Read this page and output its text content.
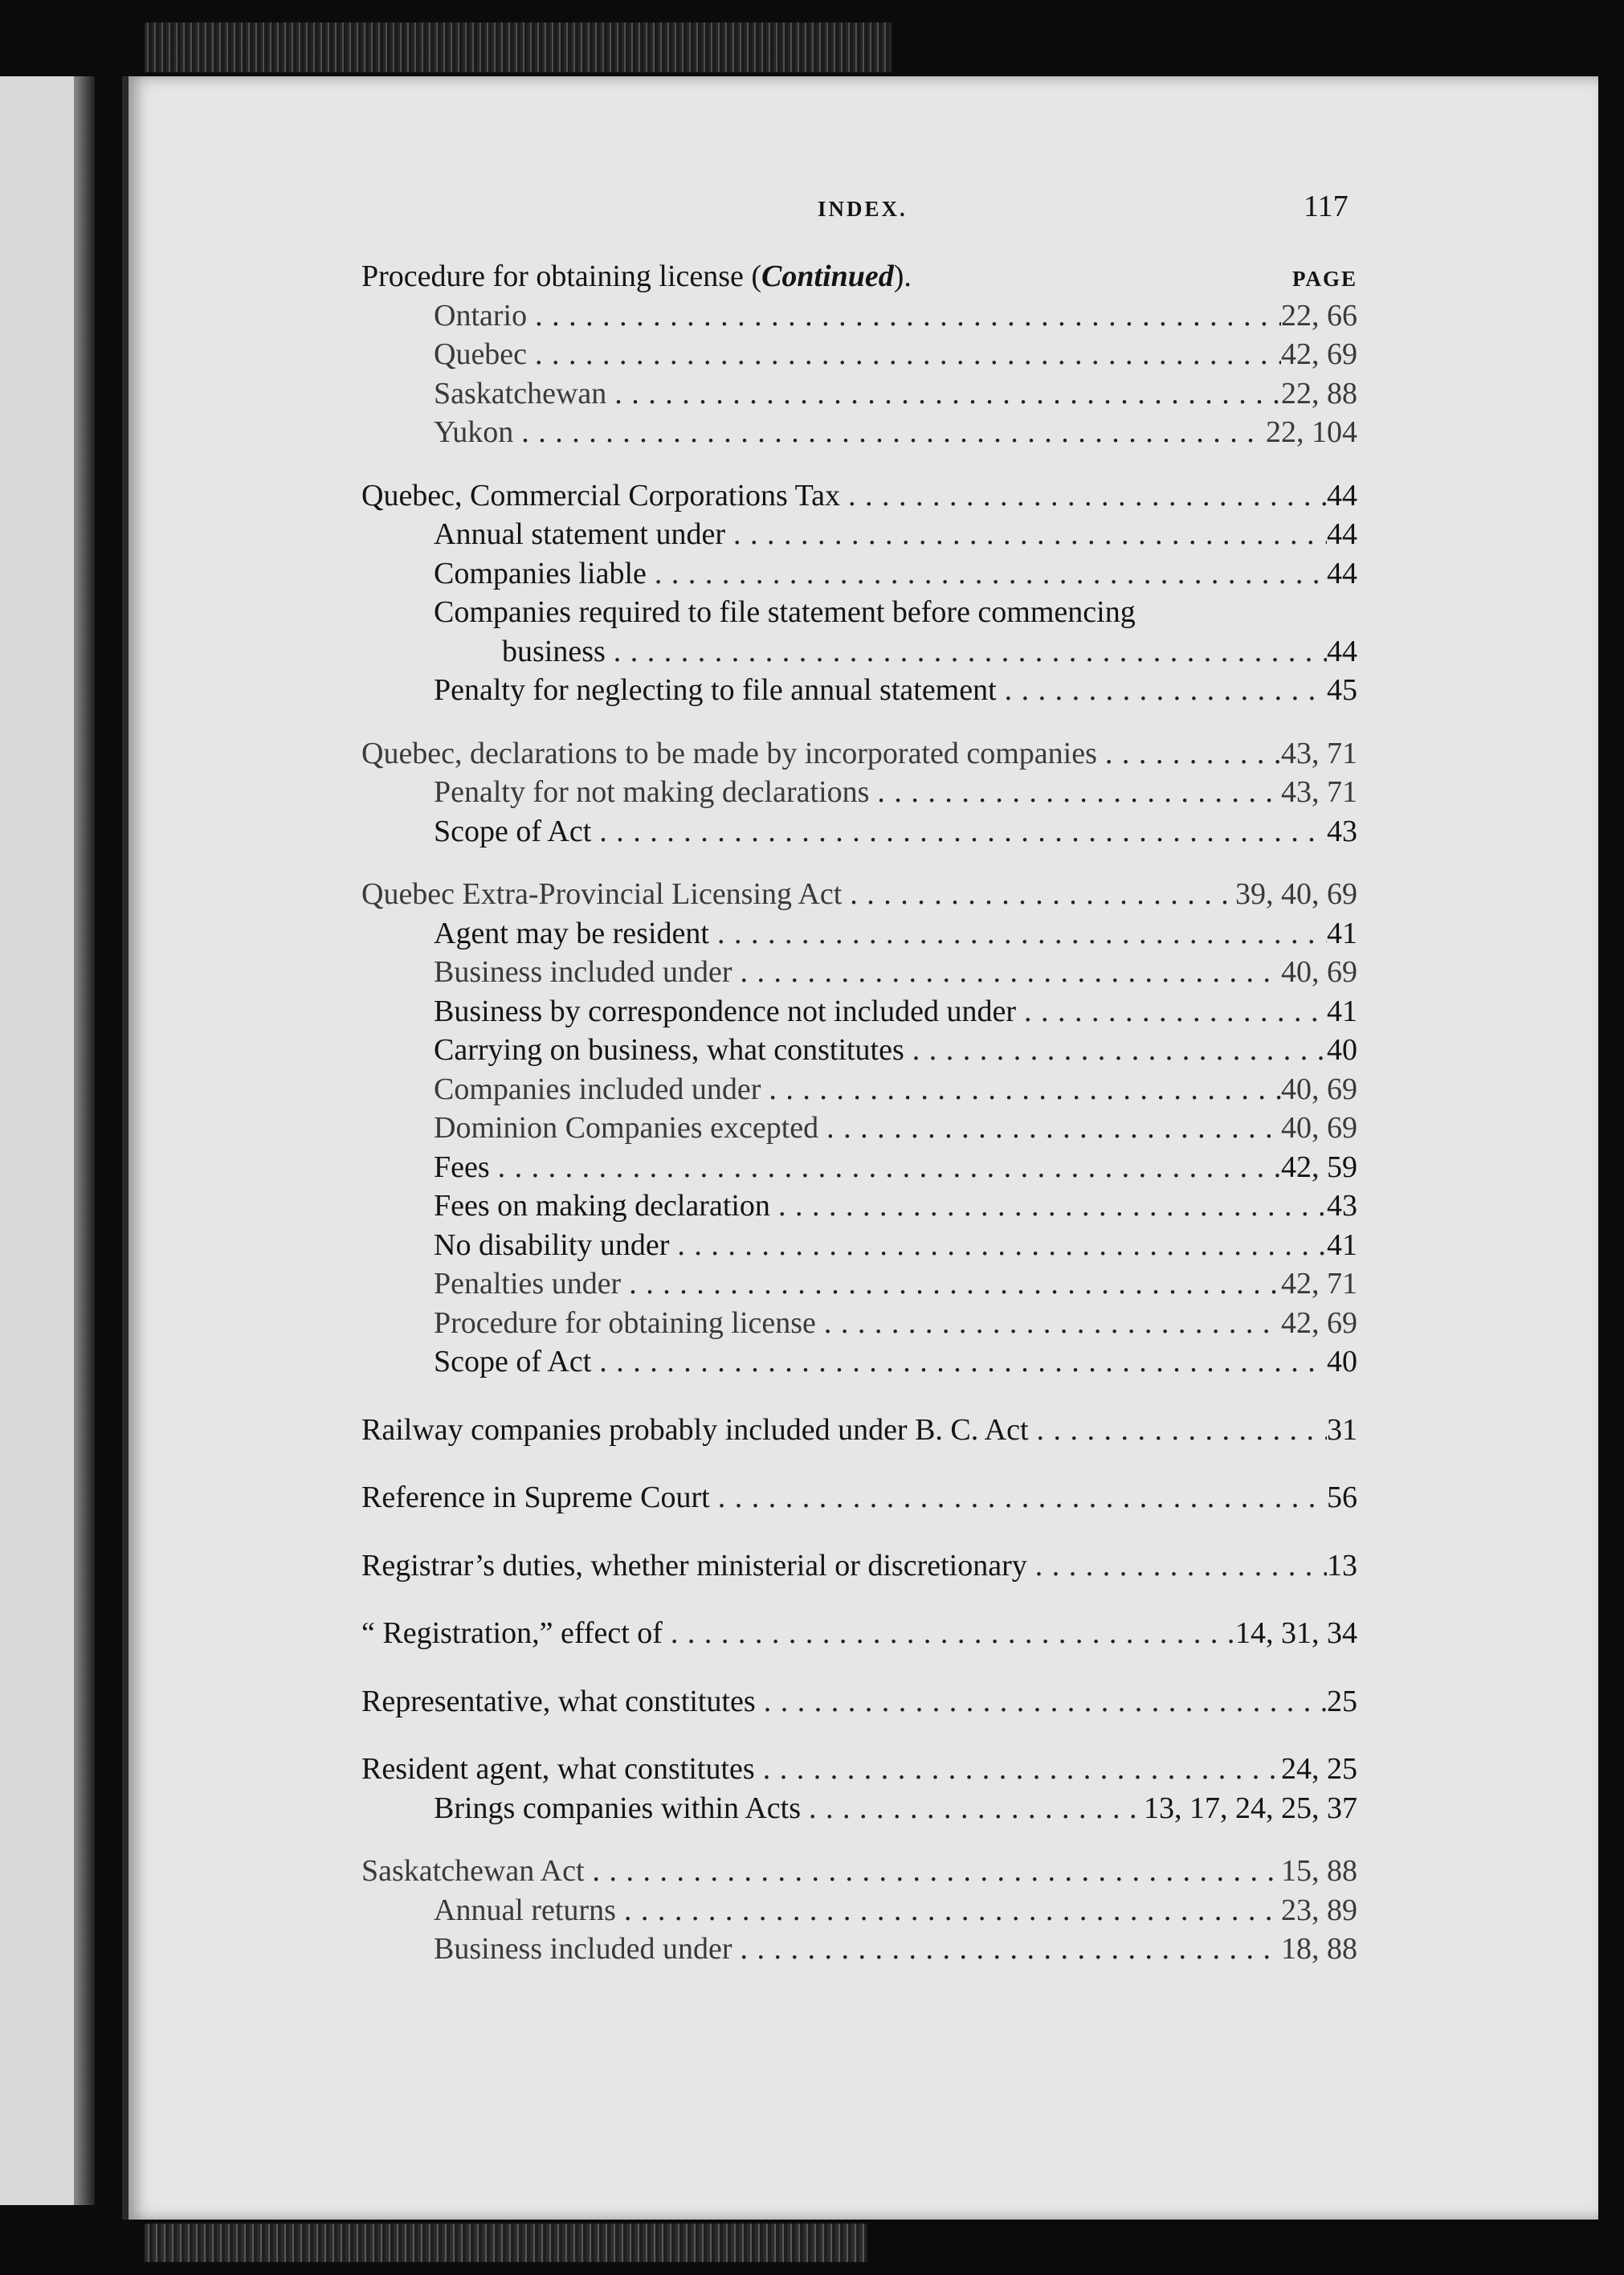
INDEX.	117
PAGE
Procedure for obtaining license (Continued).
Ontario . . .	22, 66
Quebec . . .	42, 69
Saskatchewan . . .	22, 88
Yukon . . .	22, 104
Quebec, Commercial Corporations Tax . . .	44
Annual statement under . . .	44
Companies liable . . .	44
Companies required to file statement before commencing
business . . .	44
Penalty for neglecting to file annual statement . . .	45
Quebec, declarations to be made by incorporated companies . . .	43, 71
Penalty for not making declarations . . .	43, 71
Scope of Act . . .	43
Quebec Extra-Provincial Licensing Act . . .	39, 40, 69
Agent may be resident . . .	41
Business included under . . .	40, 69
Business by correspondence not included under . . .	41
Carrying on business, what constitutes . . .	40
Companies included under . . .	40, 69
Dominion Companies excepted . . .	40, 69
Fees . . .	42, 59
Fees on making declaration . . .	43
No disability under . . .	41
Penalties under . . .	42, 71
Procedure for obtaining license . . .	42, 69
Scope of Act . . .	40
Railway companies probably included under B. C. Act . . .	31
Reference in Supreme Court . . .	56
Registrar’s duties, whether ministerial or discretionary . . .	13
“ Registration,” effect of . . .	14, 31, 34
Representative, what constitutes . . .	25
Resident agent, what constitutes . . .	24, 25
Brings companies within Acts . . .	13, 17, 24, 25, 37
Saskatchewan Act . . .	15, 88
Annual returns . . .	23, 89
Business included under . . .	18, 88
